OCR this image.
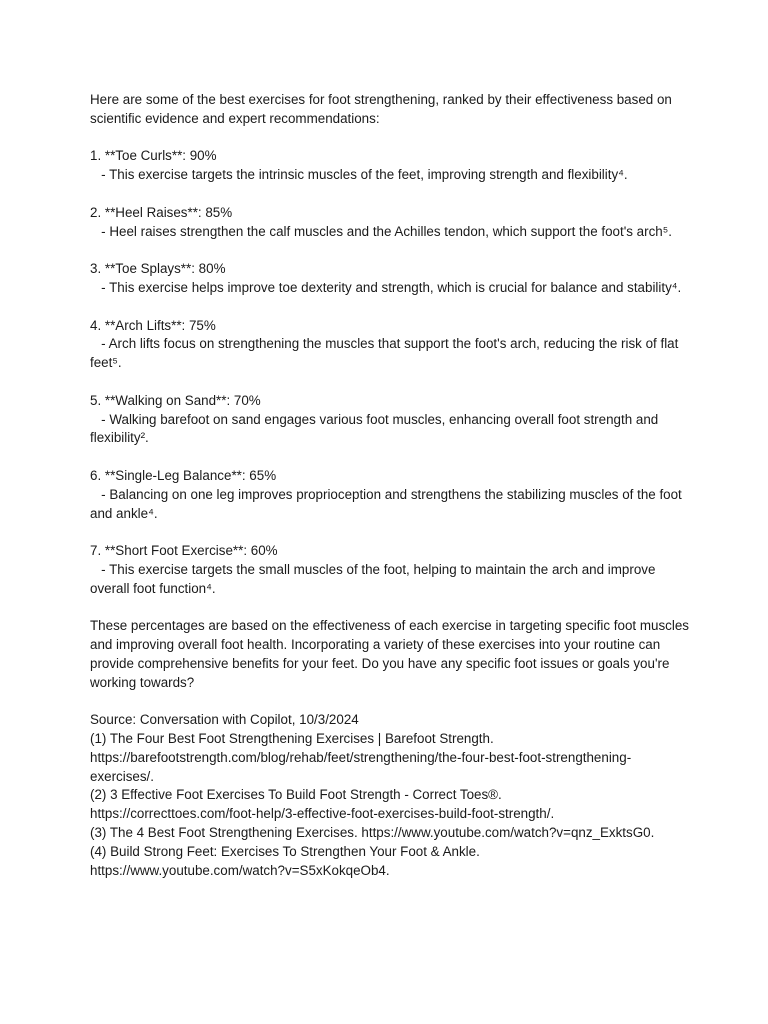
Here are some of the best exercises for foot strengthening, ranked by their effectiveness based on scientific evidence and expert recommendations:

1. **Toe Curls**: 90%

- This exercise targets the intrinsic muscles of the feet, improving strength and flexibility⁴.

2. **Heel Raises**: 85%

- Heel raises strengthen the calf muscles and the Achilles tendon, which support the foot's arch⁵.

3. **Toe Splays**: 80%

- This exercise helps improve toe dexterity and strength, which is crucial for balance and stability⁴.

4. **Arch Lifts**: 75%

- Arch lifts focus on strengthening the muscles that support the foot's arch, reducing the risk of flat feet⁵.

5. **Walking on Sand**: 70%

- Walking barefoot on sand engages various foot muscles, enhancing overall foot strength and flexibility².

6. **Single-Leg Balance**: 65%

- Balancing on one leg improves proprioception and strengthens the stabilizing muscles of the foot and ankle⁴.

7. **Short Foot Exercise**: 60%

- This exercise targets the small muscles of the foot, helping to maintain the arch and improve overall foot function⁴.

These percentages are based on the effectiveness of each exercise in targeting specific foot muscles and improving overall foot health. Incorporating a variety of these exercises into your routine can provide comprehensive benefits for your feet. Do you have any specific foot issues or goals you're working towards?

Source: Conversation with Copilot, 10/3/2024
(1) The Four Best Foot Strengthening Exercises | Barefoot Strength.
https://barefootstrength.com/blog/rehab/feet/strengthening/the-four-best-foot-strengthening-
exercises/.
(2) 3 Effective Foot Exercises To Build Foot Strength - Correct Toes®.
https://correcttoes.com/foot-help/3-effective-foot-exercises-build-foot-strength/.
(3) The 4 Best Foot Strengthening Exercises. https://www.youtube.com/watch?v=qnz_ExktsG0.
(4) Build Strong Feet: Exercises To Strengthen Your Foot & Ankle.
https://www.youtube.com/watch?v=S5xKokqeOb4.
